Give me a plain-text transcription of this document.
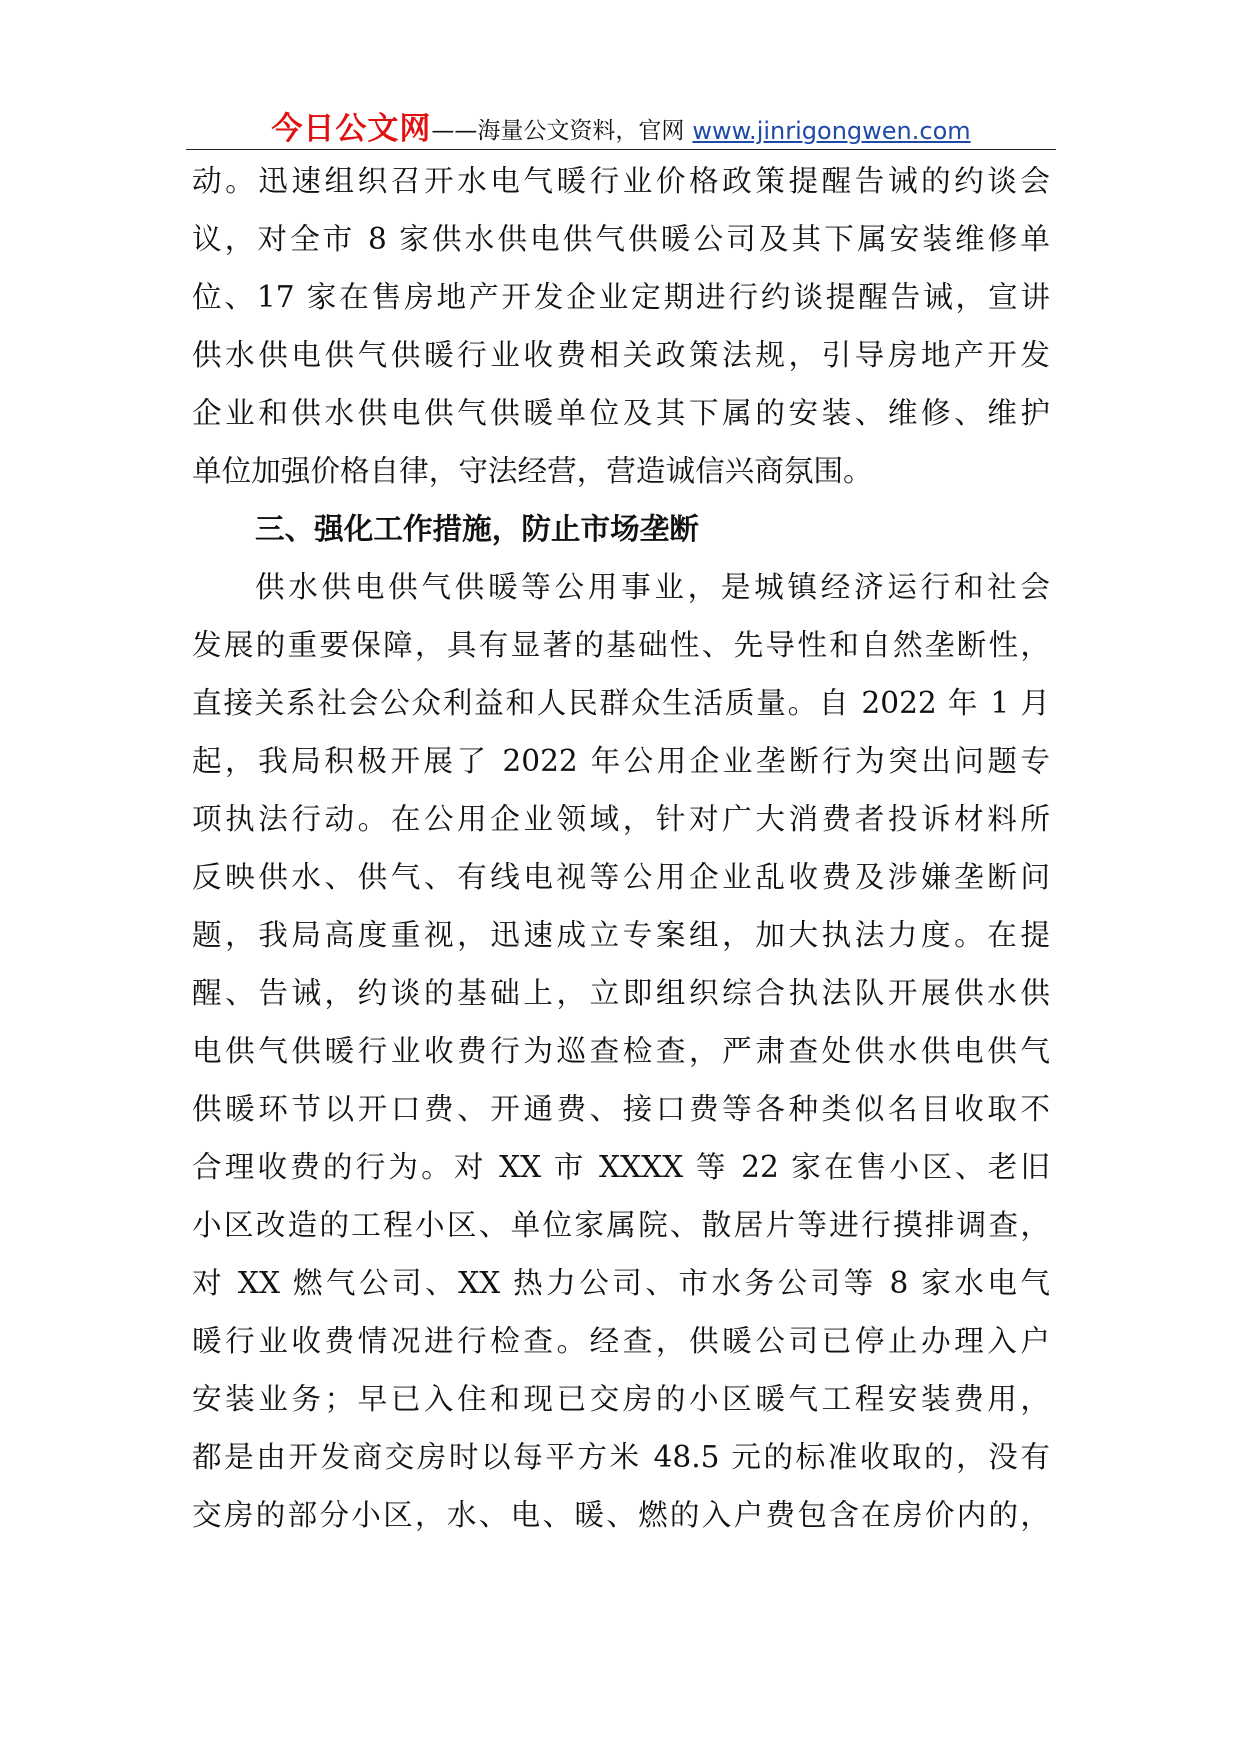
今日公文网 ——海量公文资料，官网 www.jinrigongwen.com
动。迅速组织召开水电气暖行业价格政策提醒告诫的约谈会
议，对全市 8 家供水供电供气供暖公司及其下属安装维修单
位、17 家在售房地产开发企业定期进行约谈提醒告诫，宣讲
供水供电供气供暖行业收费相关政策法规，引导房地产开发
企业和供水供电供气供暖单位及其下属的安装、维修、维护
单位加强价格自律，守法经营，营造诚信兴商氛围。
三、强化工作措施，防止市场垄断
供水供电供气供暖等公用事业，是城镇经济运行和社会
发展的重要保障，具有显著的基础性、先导性和自然垄断性，
直接关系社会公众利益和人民群众生活质量。自 2022 年 1 月
起，我局积极开展了 2022 年公用企业垄断行为突出问题专
项执法行动。在公用企业领域，针对广大消费者投诉材料所
反映供水、供气、有线电视等公用企业乱收费及涉嫌垄断问
题，我局高度重视，迅速成立专案组，加大执法力度。在提
醒、告诫，约谈的基础上，立即组织综合执法队开展供水供
电供气供暖行业收费行为巡查检查，严肃查处供水供电供气
供暖环节以开口费、开通费、接口费等各种类似名目收取不
合理收费的行为。对 XX 市 XXXX 等 22 家在售小区、老旧
小区改造的工程小区、单位家属院、散居片等进行摸排调查，
对 XX 燃气公司、XX 热力公司、市水务公司等 8 家水电气
暖行业收费情况进行检查。经查，供暖公司已停止办理入户
安装业务；早已入住和现已交房的小区暖气工程安装费用，
都是由开发商交房时以每平方米 48.5 元的标准收取的，没有
交房的部分小区，水、电、暖、燃的入户费包含在房价内的，
